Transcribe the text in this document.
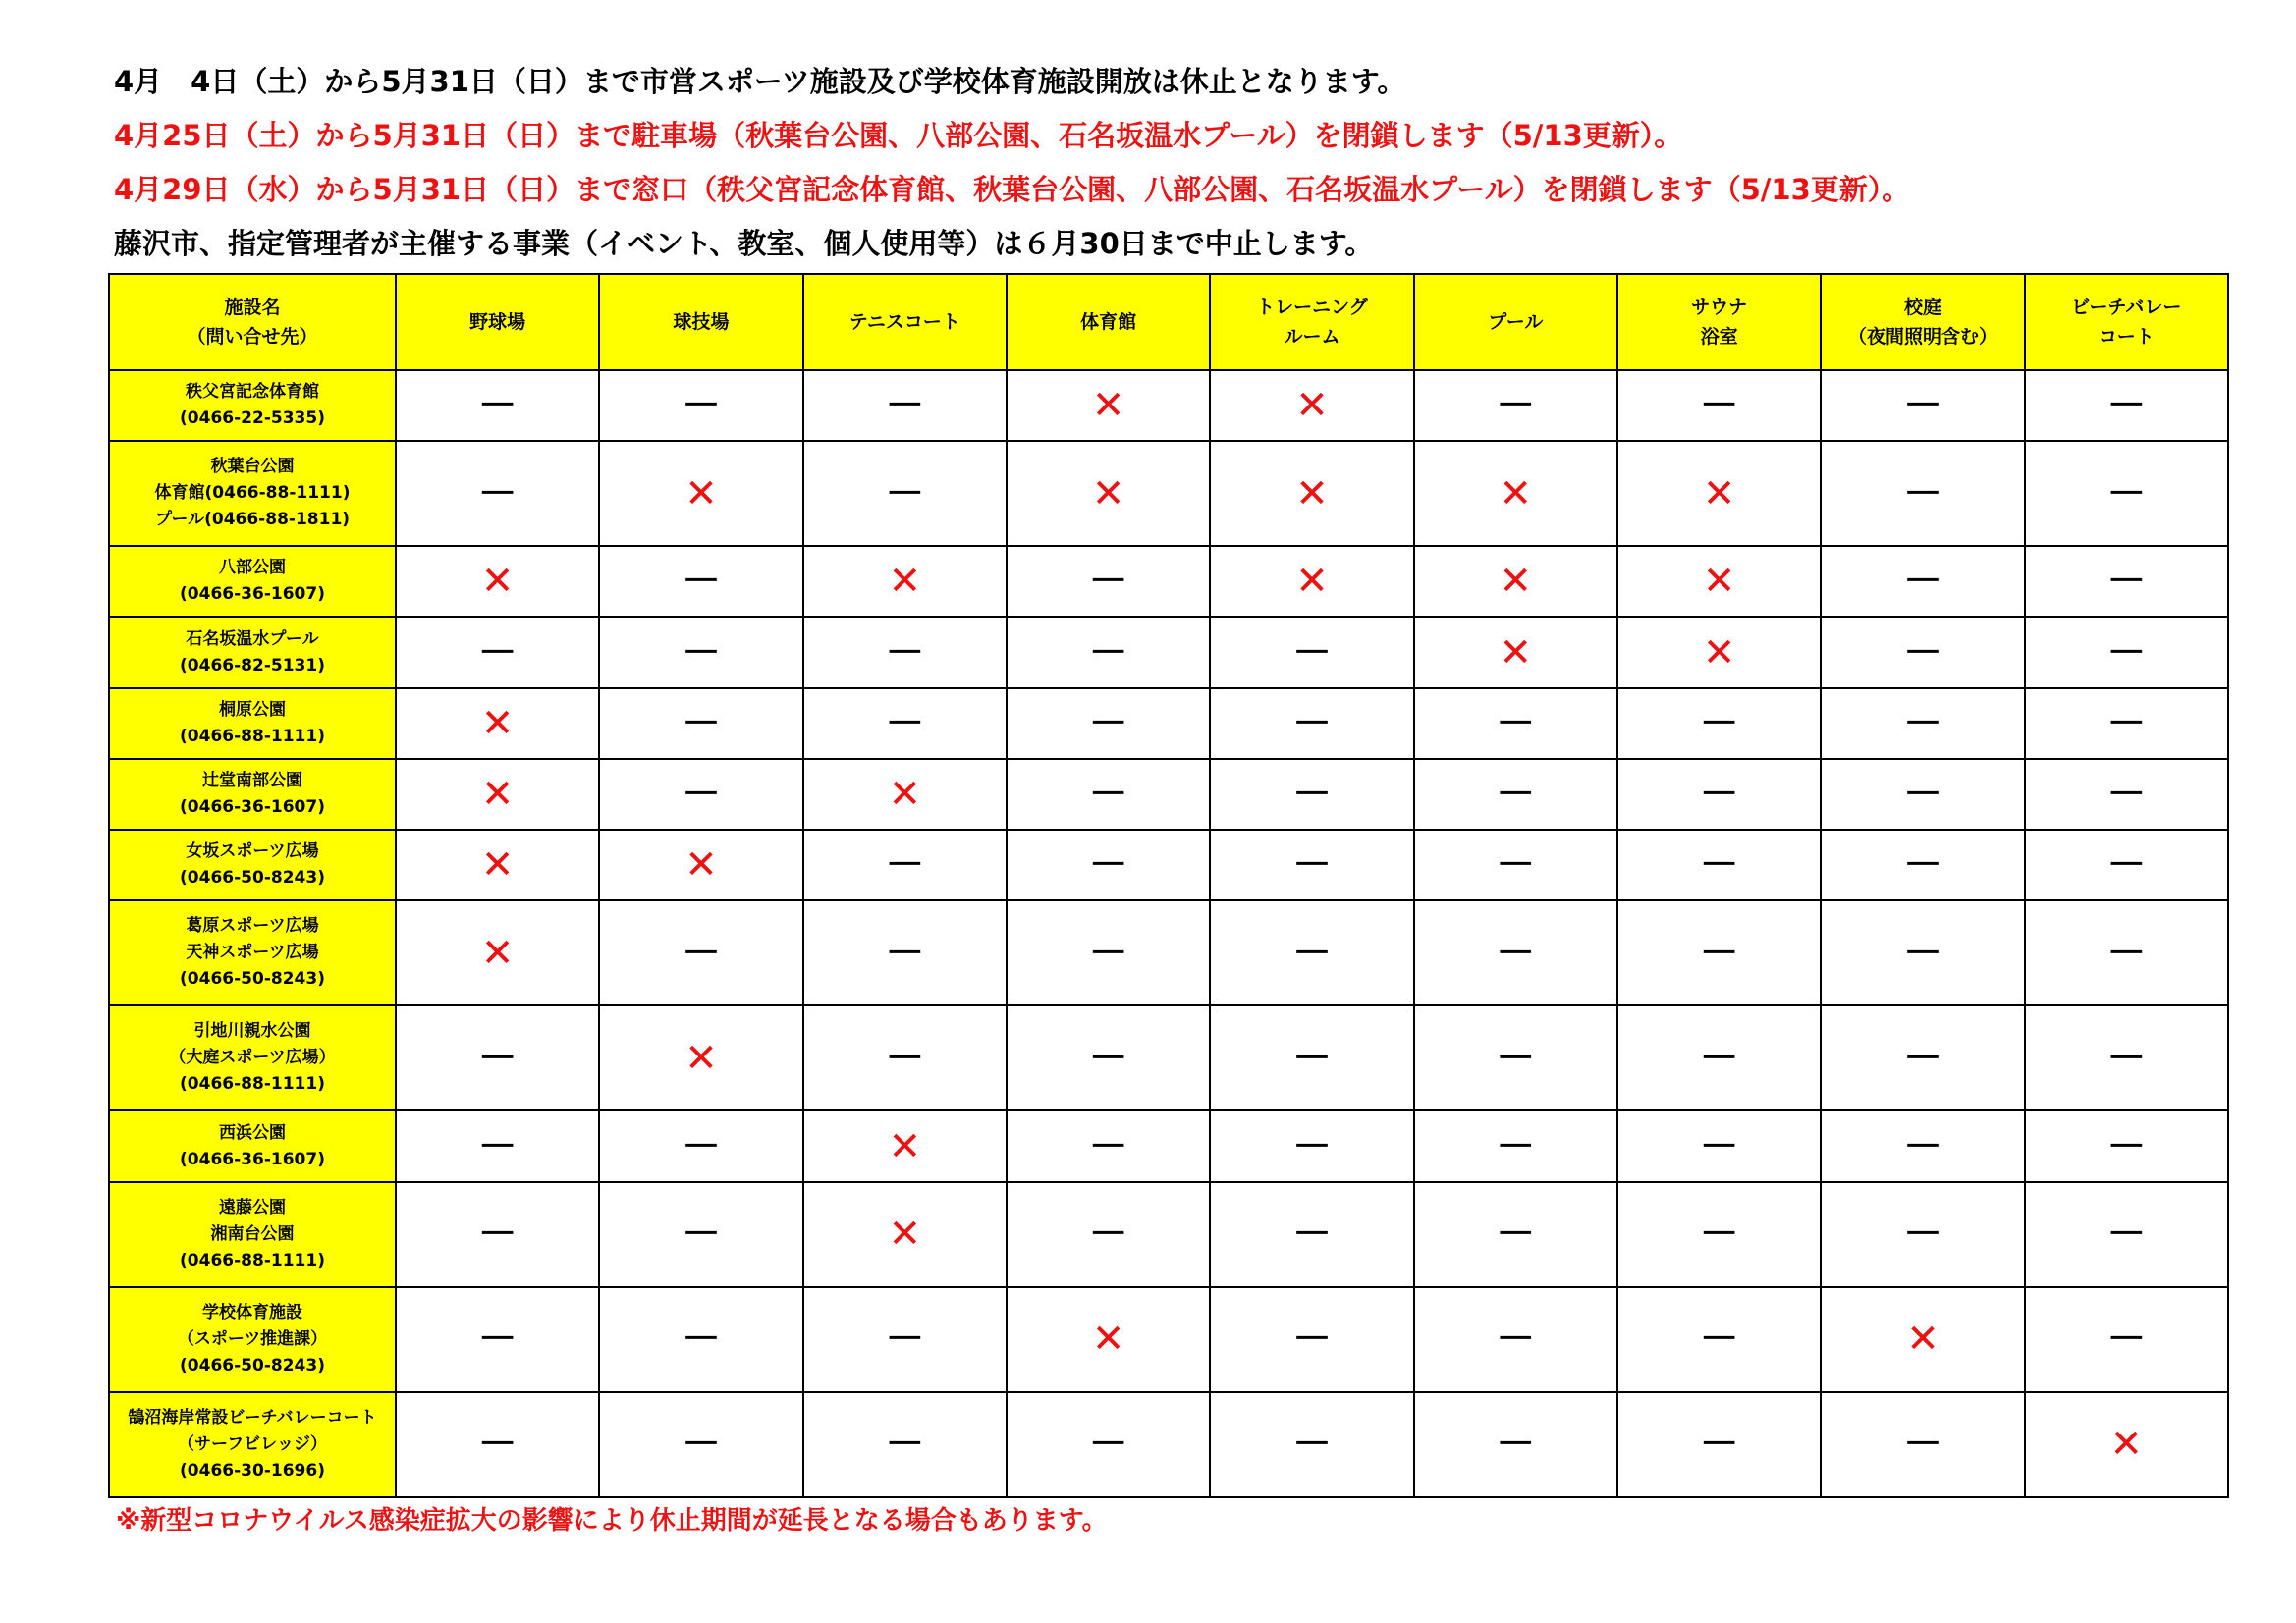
4月　4日（土）から5月31日（日）まで市営スポーツ施設及び学校体育施設開放は休止となります。
4月25日（土）から5月31日（日）まで駐車場（秋葉台公園、八部公園、石名坂温水プール）を閉鎖します（5/13更新）。
4月29日（水）から5月31日（日）まで窓口（秩父宮記念体育館、秋葉台公園、八部公園、石名坂温水プール）を閉鎖します（5/13更新）。
藤沢市、指定管理者が主催する事業（イベント、教室、個人使用等）は６月30日まで中止します。
施設名
（問い合せ先）	野球場	球技場	テニスコート	体育館	トレーニング
ルーム	プール	サウナ
浴室	校庭
（夜間照明含む）	ビーチバレー
コート

秩父宮記念体育館
(0466-22-5335)	－	－	－	✕	✕	－	－	－	－

秋葉台公園
体育館(0466-88-1111)
プール(0466-88-1811)	－	✕	－	✕	✕	✕	✕	－	－

八部公園
(0466-36-1607)	✕	－	✕	－	✕	✕	✕	－	－

石名坂温水プール
(0466-82-5131)	－	－	－	－	－	✕	✕	－	－

桐原公園
(0466-88-1111)	✕	－	－	－	－	－	－	－	－

辻堂南部公園
(0466-36-1607)	✕	－	✕	－	－	－	－	－	－

女坂スポーツ広場
(0466-50-8243)	✕	✕	－	－	－	－	－	－	－

葛原スポーツ広場
天神スポーツ広場
(0466-50-8243)	✕	－	－	－	－	－	－	－	－

引地川親水公園
（大庭スポーツ広場）
(0466-88-1111)	－	✕	－	－	－	－	－	－	－

西浜公園
(0466-36-1607)	－	－	✕	－	－	－	－	－	－

遠藤公園
湘南台公園
(0466-88-1111)	－	－	✕	－	－	－	－	－	－

学校体育施設
（スポーツ推進課）
(0466-50-8243)	－	－	－	✕	－	－	－	✕	－

鵠沼海岸常設ビーチバレーコート
（サーフビレッジ）
(0466-30-1696)	－	－	－	－	－	－	－	－	✕
※新型コロナウイルス感染症拡大の影響により休止期間が延長となる場合もあります。
